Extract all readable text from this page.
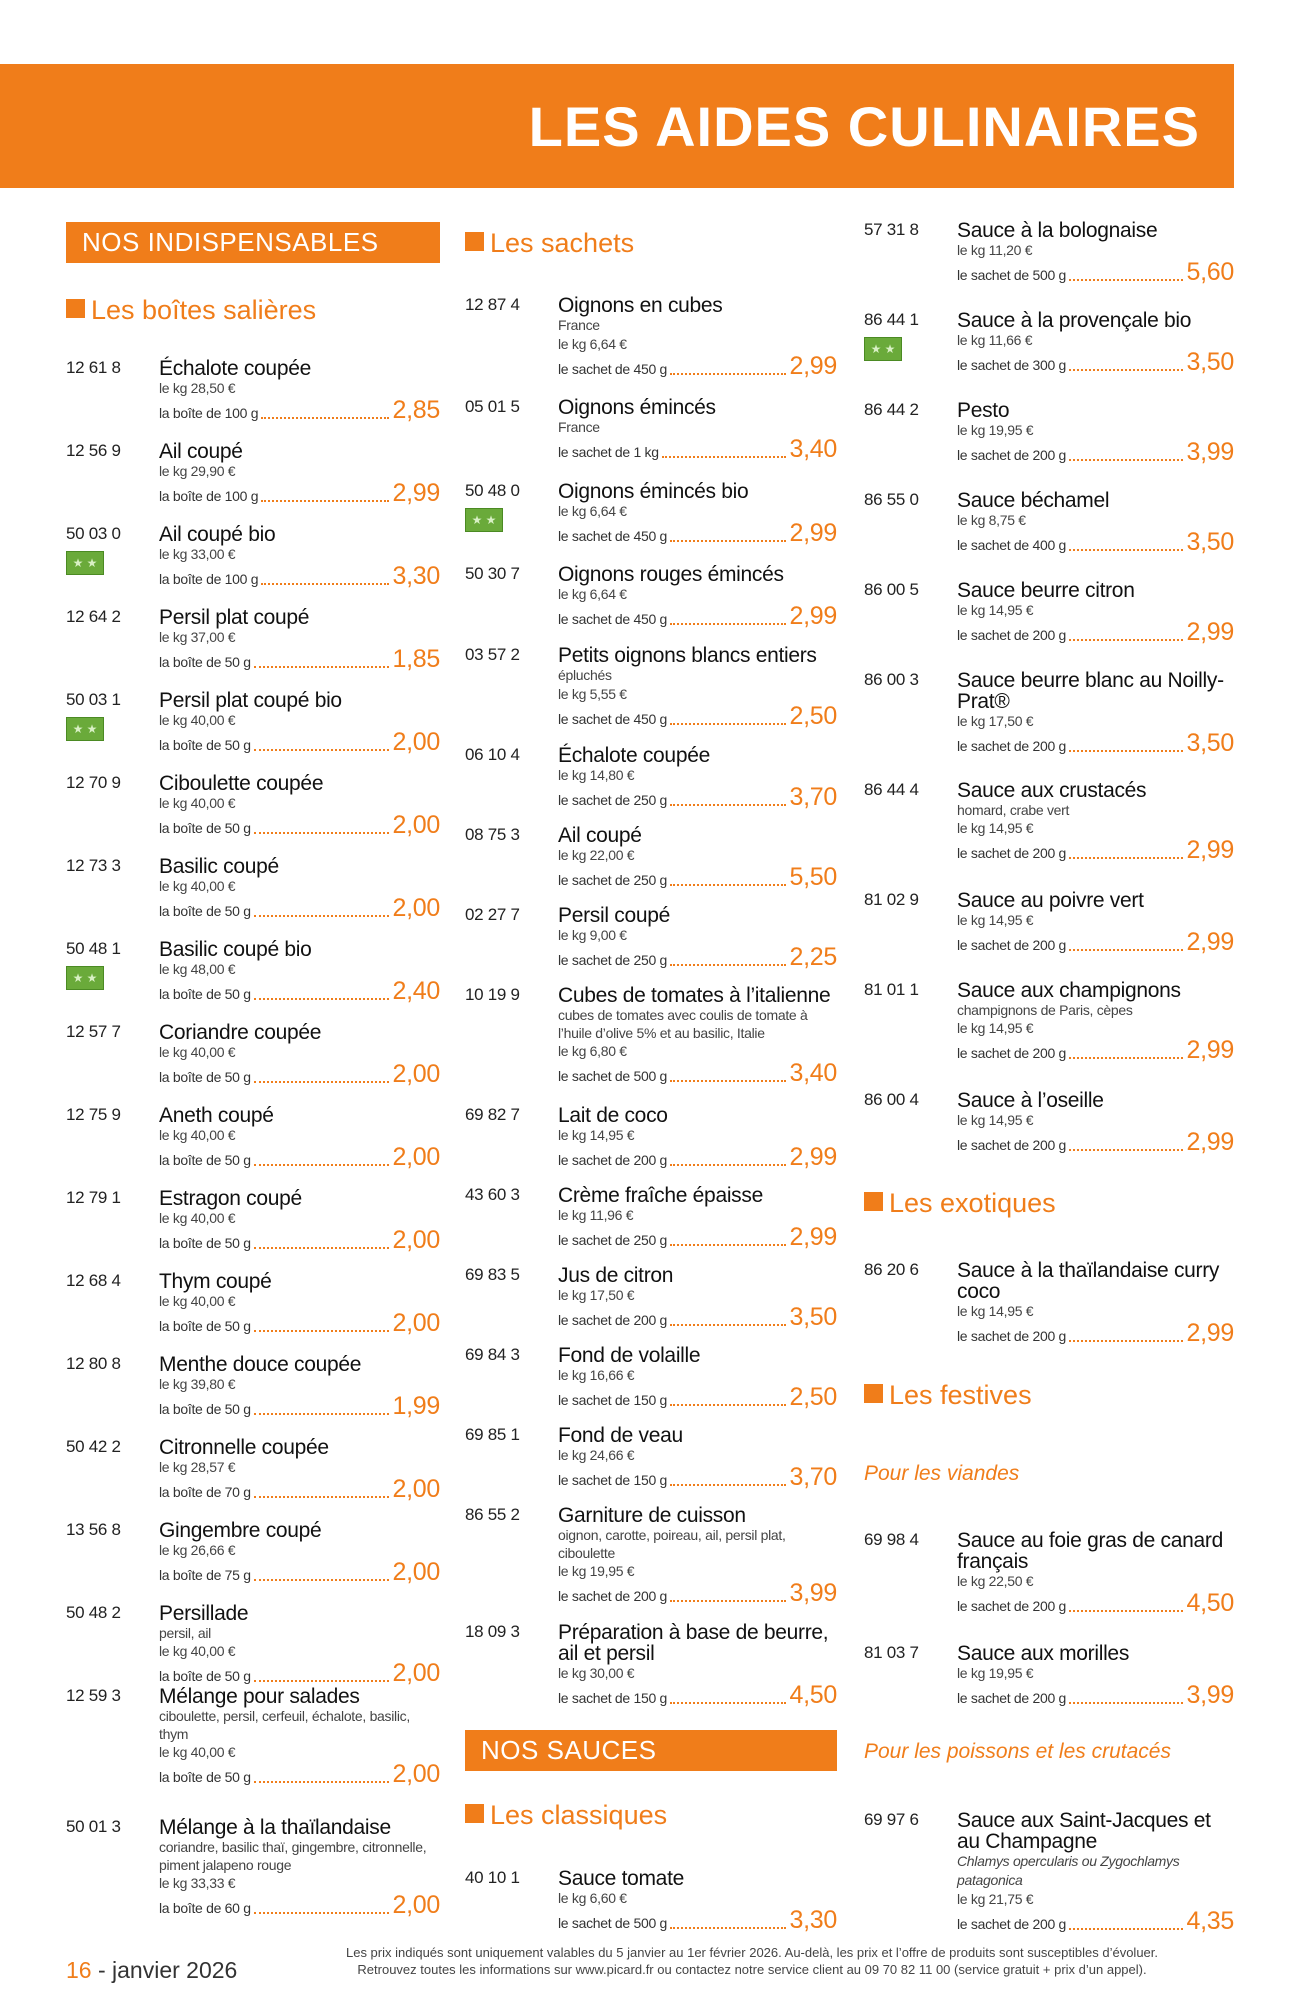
LES AIDES CULINAIRES
NOS INDISPENSABLES
Les boîtes salières
12 61 8 Échalote coupée
le kg 28,50 €
la boîte de 100 g	2,85
12 56 9 Ail coupé
le kg 29,90 €
la boîte de 100 g	2,99
50 03 0
★ ★
Ail coupé bio
le kg 33,00 €
la boîte de 100 g	3,30
12 64 2 Persil plat coupé
le kg 37,00 €
la boîte de 50 g	1,85
50 03 1
★ ★
Persil plat coupé bio
le kg 40,00 €
la boîte de 50 g	2,00
12 70 9 Ciboulette coupée
le kg 40,00 €
la boîte de 50 g	2,00
12 73 3 Basilic coupé
le kg 40,00 €
la boîte de 50 g	2,00
50 48 1
★ ★
Basilic coupé bio
le kg 48,00 €
la boîte de 50 g	2,40
12 57 7 Coriandre coupée
le kg 40,00 €
la boîte de 50 g	2,00
12 75 9 Aneth coupé
le kg 40,00 €
la boîte de 50 g	2,00
12 79 1 Estragon coupé
le kg 40,00 €
la boîte de 50 g	2,00
12 68 4 Thym coupé
le kg 40,00 €
la boîte de 50 g	2,00
12 80 8 Menthe douce coupée
le kg 39,80 €
la boîte de 50 g	1,99
50 42 2 Citronnelle coupée
le kg 28,57 €
la boîte de 70 g	2,00
13 56 8 Gingembre coupé
le kg 26,66 €
la boîte de 75 g	2,00
50 48 2 Persillade
persil, ail
le kg 40,00 €
la boîte de 50 g	2,00
12 59 3 Mélange pour salades
ciboulette, persil, cerfeuil, échalote, basilic, thym
le kg 40,00 €
la boîte de 50 g	2,00
50 01 3 Mélange à la thaïlandaise
coriandre, basilic thaï, gingembre, citronnelle, piment jalapeno rouge
le kg 33,33 €
la boîte de 60 g	2,00
Les sachets
12 87 4 Oignons en cubes
France
le kg 6,64 €
le sachet de 450 g	2,99
05 01 5 Oignons émincés
France
le sachet de 1 kg	3,40
50 48 0
★ ★
Oignons émincés bio
le kg 6,64 €
le sachet de 450 g	2,99
50 30 7 Oignons rouges émincés
le kg 6,64 €
le sachet de 450 g	2,99
03 57 2 Petits oignons blancs entiers
épluchés
le kg 5,55 €
le sachet de 450 g	2,50
06 10 4 Échalote coupée
le kg 14,80 €
le sachet de 250 g	3,70
08 75 3 Ail coupé
le kg 22,00 €
le sachet de 250 g	5,50
02 27 7 Persil coupé
le kg 9,00 €
le sachet de 250 g	2,25
10 19 9 Cubes de tomates à l’italienne
cubes de tomates avec coulis de tomate à l’huile d’olive 5% et au basilic, Italie
le kg 6,80 €
le sachet de 500 g	3,40
69 82 7 Lait de coco
le kg 14,95 €
le sachet de 200 g	2,99
43 60 3 Crème fraîche épaisse
le kg 11,96 €
le sachet de 250 g	2,99
69 83 5 Jus de citron
le kg 17,50 €
le sachet de 200 g	3,50
69 84 3 Fond de volaille
le kg 16,66 €
le sachet de 150 g	2,50
69 85 1 Fond de veau
le kg 24,66 €
le sachet de 150 g	3,70
86 55 2 Garniture de cuisson
oignon, carotte, poireau, ail, persil plat, ciboulette
le kg 19,95 €
le sachet de 200 g	3,99
18 09 3 Préparation à base de beurre, ail et persil
le kg 30,00 €
le sachet de 150 g	4,50
NOS SAUCES
Les classiques
40 10 1 Sauce tomate
le kg 6,60 €
le sachet de 500 g	3,30
57 31 8 Sauce à la bolognaise
le kg 11,20 €
le sachet de 500 g	5,60
86 44 1
★ ★
Sauce à la provençale bio
le kg 11,66 €
le sachet de 300 g	3,50
86 44 2 Pesto
le kg 19,95 €
le sachet de 200 g	3,99
86 55 0 Sauce béchamel
le kg 8,75 €
le sachet de 400 g	3,50
86 00 5 Sauce beurre citron
le kg 14,95 €
le sachet de 200 g	2,99
86 00 3 Sauce beurre blanc au Noilly-Prat®
le kg 17,50 €
le sachet de 200 g	3,50
86 44 4 Sauce aux crustacés
homard, crabe vert
le kg 14,95 €
le sachet de 200 g	2,99
81 02 9 Sauce au poivre vert
le kg 14,95 €
le sachet de 200 g	2,99
81 01 1 Sauce aux champignons
champignons de Paris, cèpes
le kg 14,95 €
le sachet de 200 g	2,99
86 00 4 Sauce à l’oseille
le kg 14,95 €
le sachet de 200 g	2,99
Les exotiques
86 20 6 Sauce à la thaïlandaise curry coco
le kg 14,95 €
le sachet de 200 g	2,99
Les festives
Pour les viandes
69 98 4 Sauce au foie gras de canard français
le kg 22,50 €
le sachet de 200 g	4,50
81 03 7 Sauce aux morilles
le kg 19,95 €
le sachet de 200 g	3,99
Pour les poissons et les crutacés
69 97 6 Sauce aux Saint-Jacques et au Champagne
Chlamys opercularis ou Zygochlamys patagonica
le kg 21,75 €
le sachet de 200 g	4,35
16 - janvier 2026
Les prix indiqués sont uniquement valables du 5 janvier au 1er février 2026. Au-delà, les prix et l’offre de produits sont susceptibles d’évoluer.
Retrouvez toutes les informations sur www.picard.fr ou contactez notre service client au 09 70 82 11 00 (service gratuit + prix d’un appel).
